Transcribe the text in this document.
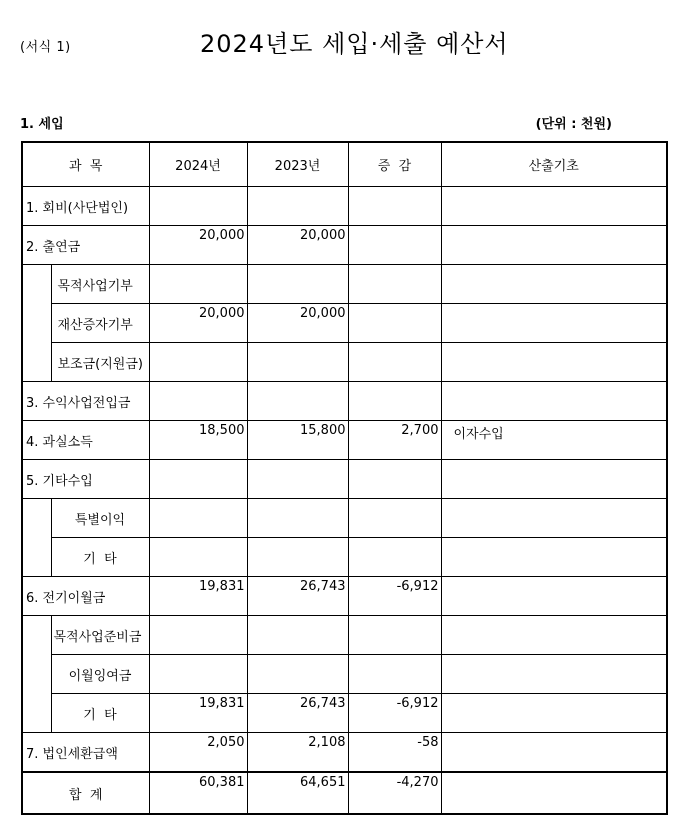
(서식 1)	2024년도 세입·세출 예산서
1. 세입	(단위 : 천원)
과  목		2024년	2023년	증  감	산출기초
1. 회비(사단법인)					
2. 출연금		20,000	20,000		
	목적사업기부				
	재산증자기부	20,000	20,000		
	보조금(지원금)				
3. 수익사업전입금					
4. 과실소득		18,500	15,800	2,700	이자수입
5. 기타수입					
	특별이익				
	기  타				
6. 전기이월금		19,831	26,743	-6,912	
	목적사업준비금				
	이월잉여금				
	기  타	19,831	26,743	-6,912	
7. 법인세환급액		2,050	2,108	-58	
합  계		60,381	64,651	-4,270	
